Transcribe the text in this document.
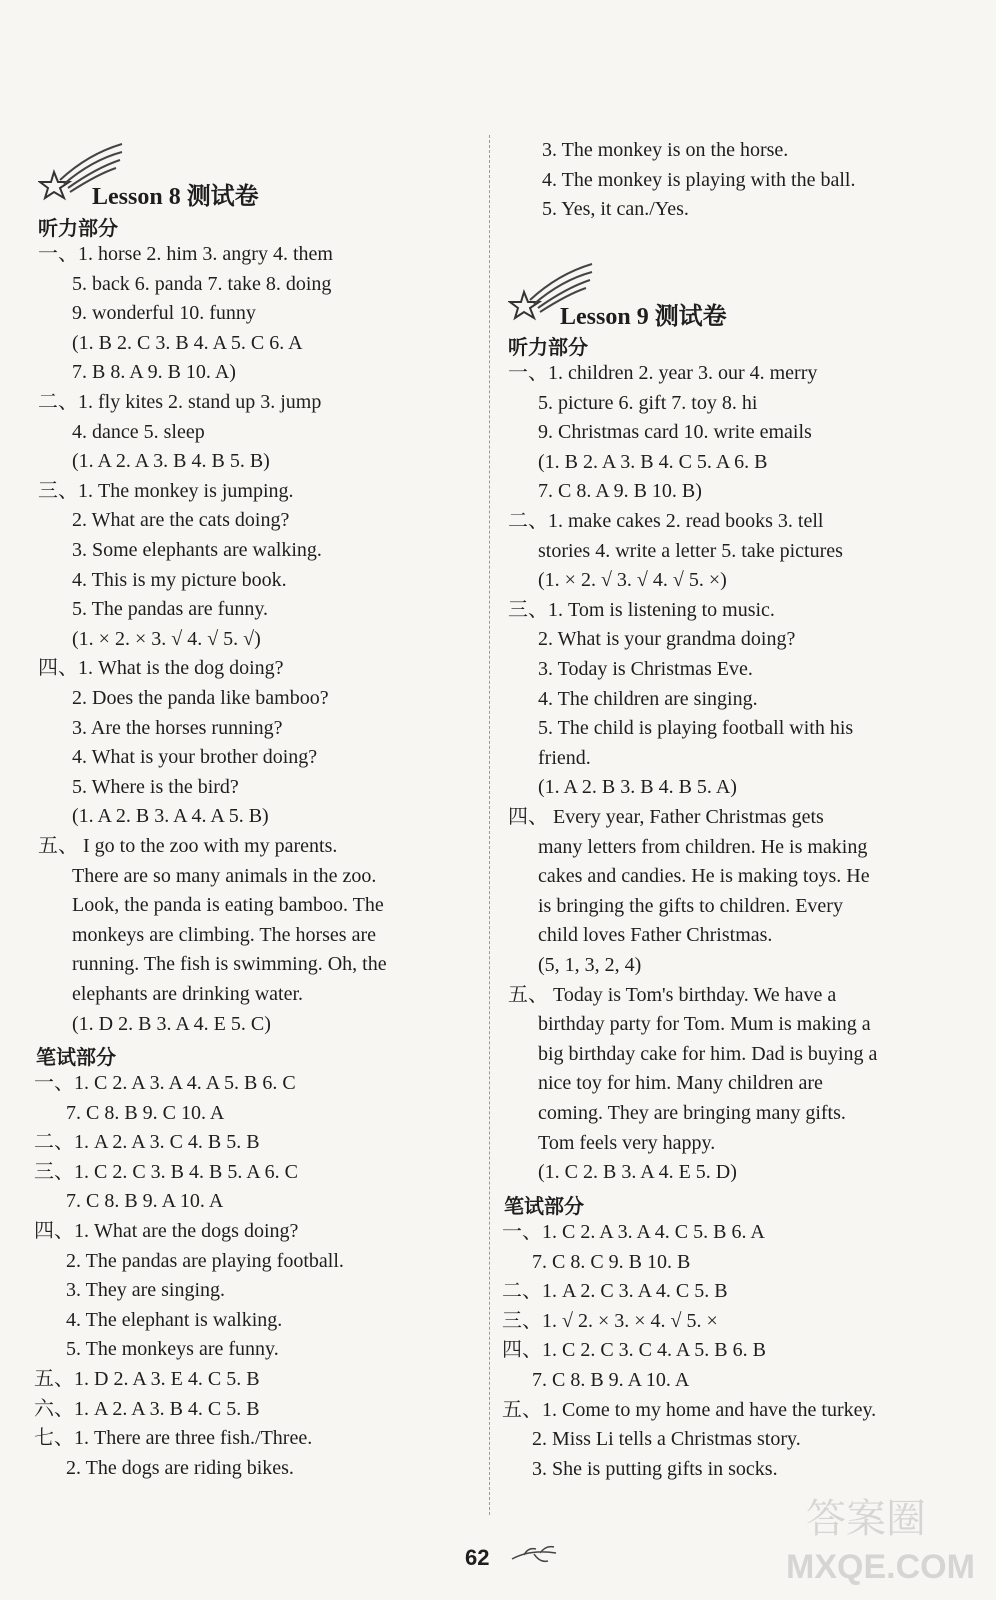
Lesson 8 测试卷
听力部分
一、1. horse 2. him 3. angry 4. them
5. back 6. panda 7. take 8. doing
9. wonderful 10. funny
(1. B 2. C 3. B 4. A 5. C 6. A
7. B 8. A 9. B 10. A)
二、1. fly kites 2. stand up 3. jump
4. dance 5. sleep
(1. A 2. A 3. B 4. B 5. B)
三、1. The monkey is jumping.
2. What are the cats doing?
3. Some elephants are walking.
4. This is my picture book.
5. The pandas are funny.
(1. × 2. × 3. √ 4. √ 5. √)
四、1. What is the dog doing?
2. Does the panda like bamboo?
3. Are the horses running?
4. What is your brother doing?
5. Where is the bird?
(1. A 2. B 3. A 4. A 5. B)
五、 I go to the zoo with my parents.
There are so many animals in the zoo.
Look, the panda is eating bamboo. The
monkeys are climbing. The horses are
running. The fish is swimming. Oh, the
elephants are drinking water.
(1. D 2. B 3. A 4. E 5. C)
笔试部分
一、1. C 2. A 3. A 4. A 5. B 6. C
7. C 8. B 9. C 10. A
二、1. A 2. A 3. C 4. B 5. B
三、1. C 2. C 3. B 4. B 5. A 6. C
7. C 8. B 9. A 10. A
四、1. What are the dogs doing?
2. The pandas are playing football.
3. They are singing.
4. The elephant is walking.
5. The monkeys are funny.
五、1. D 2. A 3. E 4. C 5. B
六、1. A 2. A 3. B 4. C 5. B
七、1. There are three fish./Three.
2. The dogs are riding bikes.
3. The monkey is on the horse.
4. The monkey is playing with the ball.
5. Yes, it can./Yes.
Lesson 9 测试卷
听力部分
一、1. children 2. year 3. our 4. merry
5. picture 6. gift 7. toy 8. hi
9. Christmas card 10. write emails
(1. B 2. A 3. B 4. C 5. A 6. B
7. C 8. A 9. B 10. B)
二、1. make cakes 2. read books 3. tell
stories 4. write a letter 5. take pictures
(1. × 2. √ 3. √ 4. √ 5. ×)
三、1. Tom is listening to music.
2. What is your grandma doing?
3. Today is Christmas Eve.
4. The children are singing.
5. The child is playing football with his
friend.
(1. A 2. B 3. B 4. B 5. A)
四、 Every year, Father Christmas gets
many letters from children. He is making
cakes and candies. He is making toys. He
is bringing the gifts to children. Every
child loves Father Christmas.
(5, 1, 3, 2, 4)
五、 Today is Tom's birthday. We have a
birthday party for Tom. Mum is making a
big birthday cake for him. Dad is buying a
nice toy for him. Many children are
coming. They are bringing many gifts.
Tom feels very happy.
(1. C 2. B 3. A 4. E 5. D)
笔试部分
一、1. C 2. A 3. A 4. C 5. B 6. A
7. C 8. C 9. B 10. B
二、1. A 2. C 3. A 4. C 5. B
三、1. √ 2. × 3. × 4. √ 5. ×
四、1. C 2. C 3. C 4. A 5. B 6. B
7. C 8. B 9. A 10. A
五、1. Come to my home and have the turkey.
2. Miss Li tells a Christmas story.
3. She is putting gifts in socks.
62
答案圈
MXQE.COM
